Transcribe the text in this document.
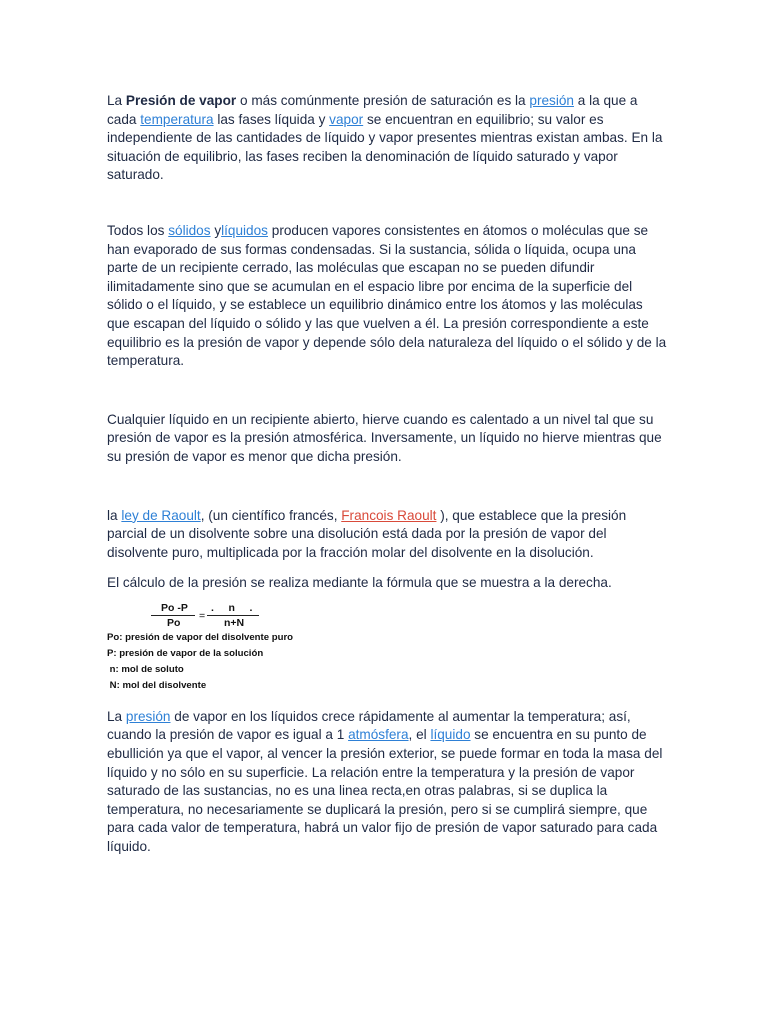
La Presión de vapor o más comúnmente presión de saturación es la presión a la que a cada temperatura las fases líquida y vapor se encuentran en equilibrio; su valor es independiente de las cantidades de líquido y vapor presentes mientras existan ambas. En la situación de equilibrio, las fases reciben la denominación de líquido saturado y vapor saturado.

Todos los sólidos ylíquidos producen vapores consistentes en átomos o moléculas que se han evaporado de sus formas condensadas. Si la sustancia, sólida o líquida, ocupa una parte de un recipiente cerrado, las moléculas que escapan no se pueden difundir ilimitadamente sino que se acumulan en el espacio libre por encima de la superficie del sólido o el líquido, y se establece un equilibrio dinámico entre los átomos y las moléculas que escapan del líquido o sólido y las que vuelven a él. La presión correspondiente a este equilibrio es la presión de vapor y depende sólo dela naturaleza del líquido o el sólido y de la temperatura.

Cualquier líquido en un recipiente abierto, hierve cuando es calentado a un nivel tal que su presión de vapor es la presión atmosférica. Inversamente, un líquido no hierve mientras que su presión de vapor es menor que dicha presión.

la ley de Raoult, (un científico francés, Francois Raoult ), que establece que la presión parcial de un disolvente sobre una disolución está dada por la presión de vapor del disolvente puro, multiplicada por la fracción molar del disolvente en la disolución.

El cálculo de la presión se realiza mediante la fórmula que se muestra a la derecha.

Po -P
Po
=
.     n     .
n+N
Po: presión de vapor del disolvente puro
P: presión de vapor de la solución
n: mol de soluto
N: mol del disolvente

La presión de vapor en los líquidos crece rápidamente al aumentar la temperatura; así, cuando la presión de vapor es igual a 1 atmósfera, el líquido se encuentra en su punto de ebullición ya que el vapor, al vencer la presión exterior, se puede formar en toda la masa del líquido y no sólo en su superficie. La relación entre la temperatura y la presión de vapor saturado de las sustancias, no es una linea recta,en otras palabras, si se duplica la temperatura, no necesariamente se duplicará la presión, pero si se cumplirá siempre, que para cada valor de temperatura, habrá un valor fijo de presión de vapor saturado para cada líquido.
